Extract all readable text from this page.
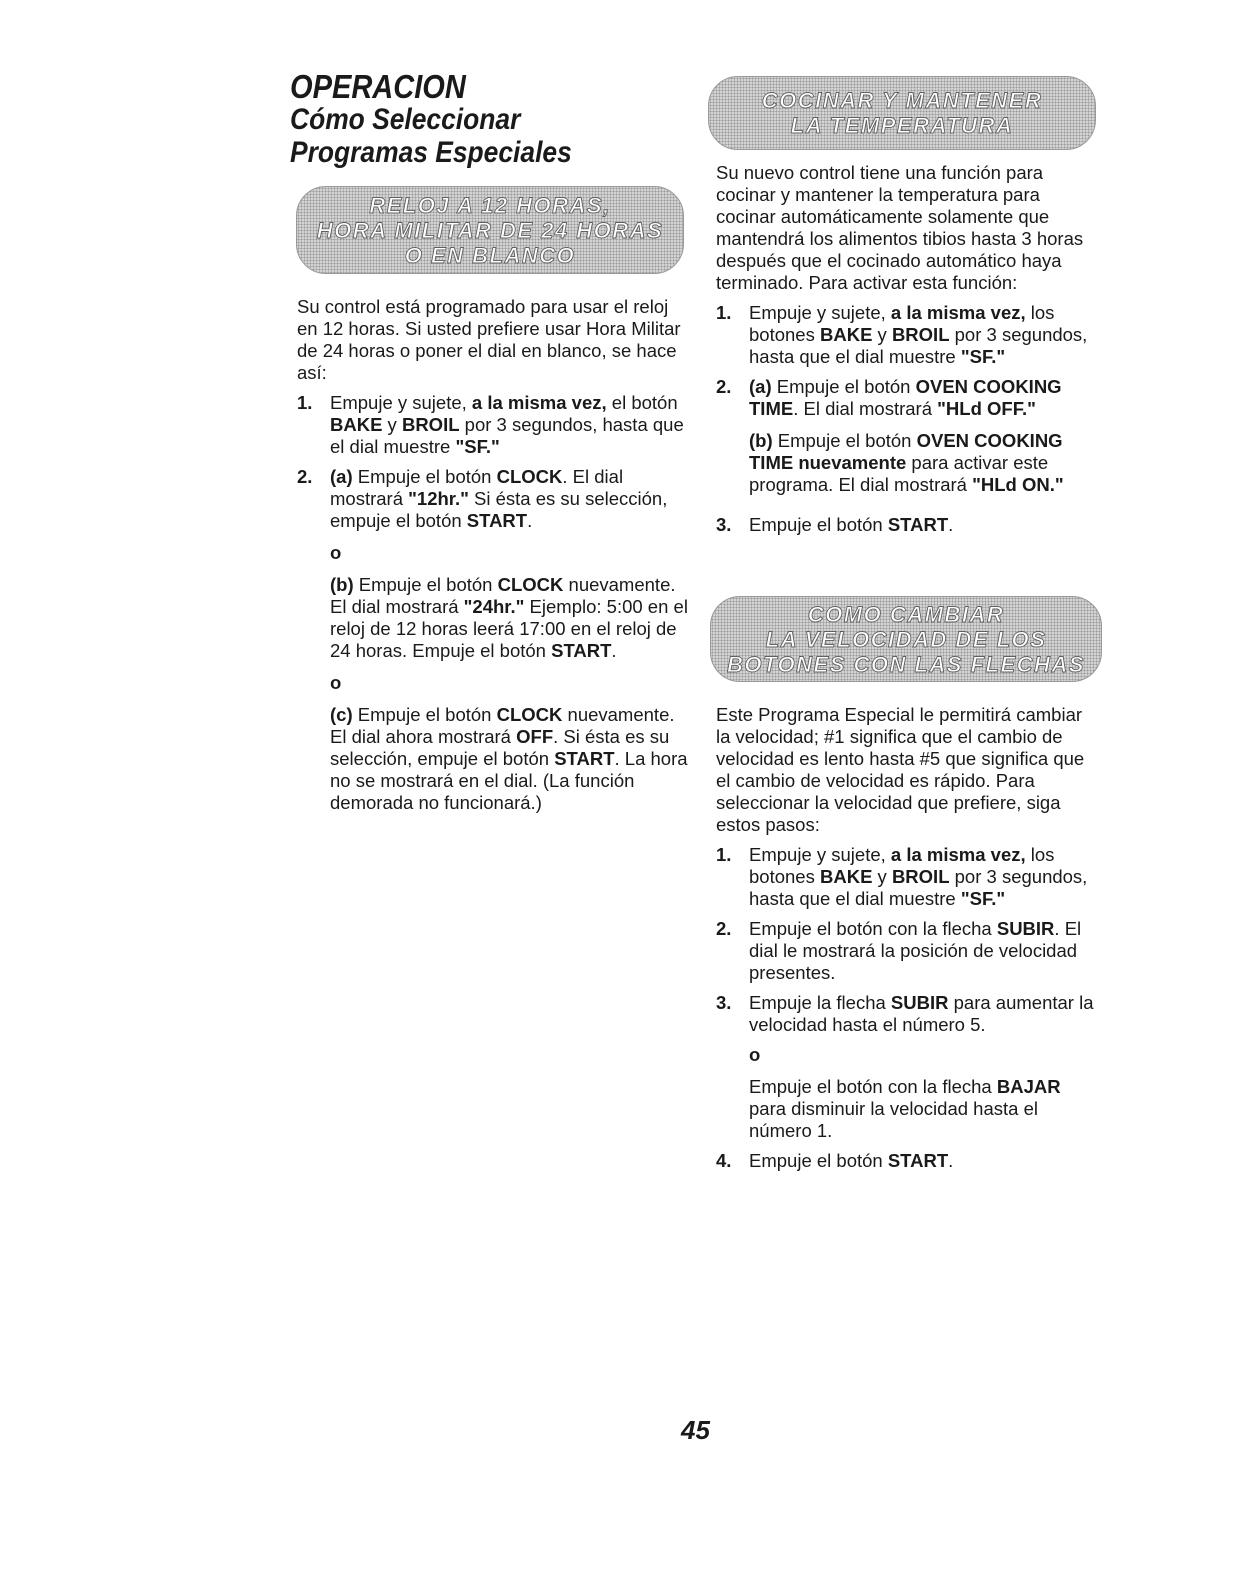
OPERACION
Cómo Seleccionar
Programas Especiales
RELOJ A 12 HORAS,
HORA MILITAR DE 24 HORAS
O EN BLANCO

Su control está programado para usar el reloj en 12 horas. Si usted prefiere usar Hora Militar de 24 horas o poner el dial en blanco, se hace así:

1. Empuje y sujete, a la misma vez, el botón BAKE y BROIL por 3 segundos, hasta que el dial muestre "SF."
2. (a) Empuje el botón CLOCK. El dial mostrará "12hr." Si ésta es su selección, empuje el botón START.
o
(b) Empuje el botón CLOCK nuevamente. El dial mostrará "24hr." Ejemplo: 5:00 en el reloj de 12 horas leerá 17:00 en el reloj de 24 horas. Empuje el botón START.
o
(c) Empuje el botón CLOCK nuevamente. El dial ahora mostrará OFF. Si ésta es su selección, empuje el botón START. La hora no se mostrará en el dial. (La función demorada no funcionará.)
COCINAR Y MANTENER
LA TEMPERATURA

Su nuevo control tiene una función para cocinar y mantener la temperatura para cocinar automáticamente solamente que mantendrá los alimentos tibios hasta 3 horas después que el cocinado automático haya terminado. Para activar esta función:

1. Empuje y sujete, a la misma vez, los botones BAKE y BROIL por 3 segundos, hasta que el dial muestre "SF."
2. (a) Empuje el botón OVEN COOKING TIME. El dial mostrará "HLd OFF."
(b) Empuje el botón OVEN COOKING TIME nuevamente para activar este programa. El dial mostrará "HLd ON."
3. Empuje el botón START.
COMO CAMBIAR
LA VELOCIDAD DE LOS
BOTONES CON LAS FLECHAS

Este Programa Especial le permitirá cambiar la velocidad; #1 significa que el cambio de velocidad es lento hasta #5 que significa que el cambio de velocidad es rápido. Para seleccionar la velocidad que prefiere, siga estos pasos:

1. Empuje y sujete, a la misma vez, los botones BAKE y BROIL por 3 segundos, hasta que el dial muestre "SF."
2. Empuje el botón con la flecha SUBIR. El dial le mostrará la posición de velocidad presentes.
3. Empuje la flecha SUBIR para aumentar la velocidad hasta el número 5.
o
Empuje el botón con la flecha BAJAR para disminuir la velocidad hasta el número 1.
4. Empuje el botón START.
45
